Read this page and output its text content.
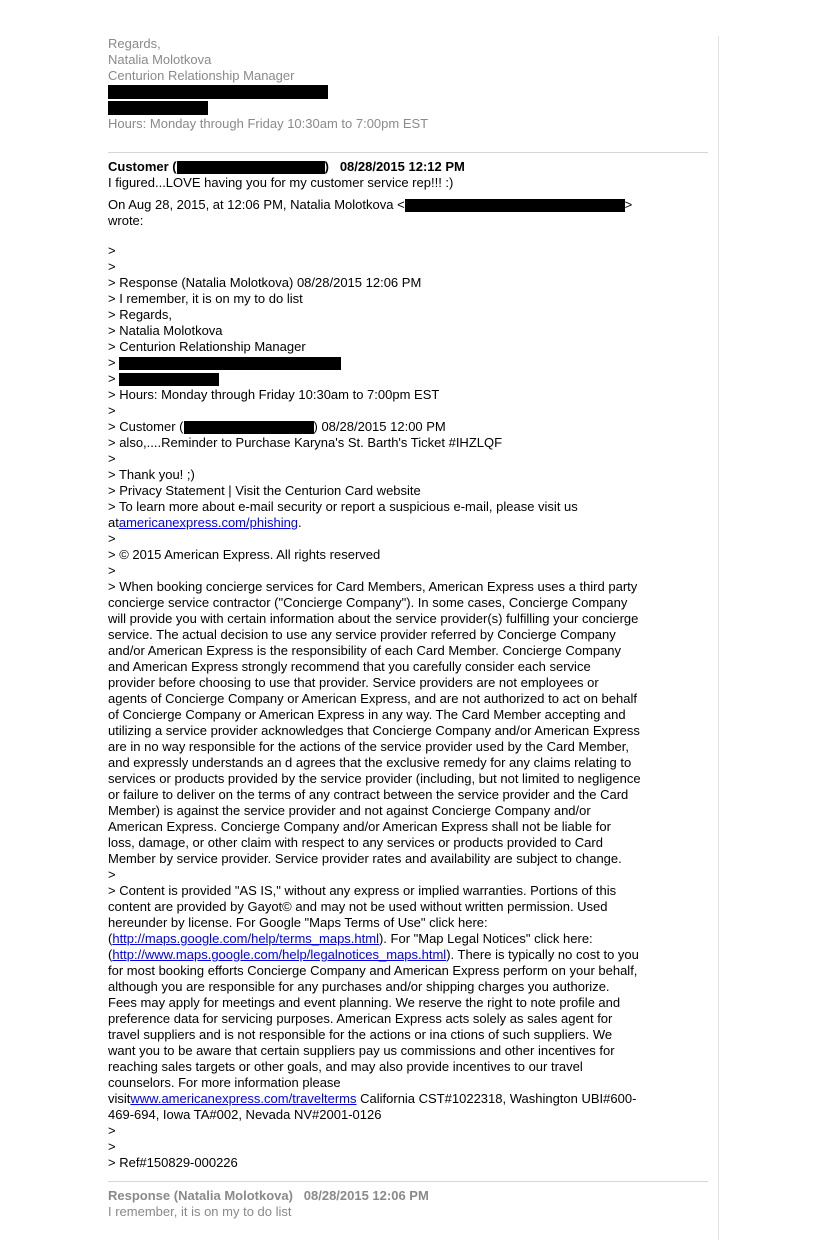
Regards,
Natalia Molotkova
Centurion Relationship Manager
Hours: Monday through Friday 10:30am to 7:00pm EST
Customer (	) 08/28/2015 12:12 PM
I figured...LOVE having you for my customer service rep!!! :)
On Aug 28, 2015, at 12:06 PM, Natalia Molotkova <	>
wrote:
>
>
> Response (Natalia Molotkova) 08/28/2015 12:06 PM
> I remember, it is on my to do list
> Regards,
> Natalia Molotkova
> Centurion Relationship Manager
>
>
> Hours: Monday through Friday 10:30am to 7:00pm EST
>
> Customer (	) 08/28/2015 12:00 PM
> also,....Reminder to Purchase Karyna's St. Barth's Ticket #IHZLQF
>
> Thank you! ;)
> Privacy Statement | Visit the Centurion Card website
> To learn more about e-mail security or report a suspicious e-mail, please visit us
atamericanexpress.com/phishing.
>
> © 2015 American Express. All rights reserved
>
> When booking concierge services for Card Members, American Express uses a third party
concierge service contractor ("Concierge Company"). In some cases, Concierge Company
will provide you with certain information about the service provider(s) fulfilling your concierge
service. The actual decision to use any service provider referred by Concierge Company
and/or American Express is the responsibility of each Card Member. Concierge Company
and American Express strongly recommend that you carefully consider each service
provider before choosing to use that provider. Service providers are not employees or
agents of Concierge Company or American Express, and are not authorized to act on behalf
of Concierge Company or American Express in any way. The Card Member accepting and
utilizing a service provider acknowledges that Concierge Company and/or American Express
are in no way responsible for the actions of the service provider used by the Card Member,
and expressly understands an d agrees that the exclusive remedy for any claims relating to
services or products provided by the service provider (including, but not limited to negligence
or failure to deliver on the terms of any contract between the service provider and the Card
Member) is against the service provider and not against Concierge Company and/or
American Express. Concierge Company and/or American Express shall not be liable for
loss, damage, or other claim with respect to any services or products provided to Card
Member by service provider. Service provider rates and availability are subject to change.
>
> Content is provided "AS IS," without any express or implied warranties. Portions of this
content are provided by Gayot© and may not be used without written permission. Used
hereunder by license. For Google "Maps Terms of Use" click here:
(http://maps.google.com/help/terms_maps.html). For "Map Legal Notices" click here:
(http://www.maps.google.com/help/legalnotices_maps.html). There is typically no cost to you
for most booking efforts Concierge Company and American Express perform on your behalf,
although you are responsible for any purchases and/or shipping charges you authorize.
Fees may apply for meetings and event planning. We reserve the right to note profile and
preference data for servicing purposes. American Express acts solely as sales agent for
travel suppliers and is not responsible for the actions or ina ctions of such suppliers. We
want you to be aware that certain suppliers pay us commissions and other incentives for
reaching sales targets or other goals, and may also provide incentives to our travel
counselors. For more information please
visitwww.americanexpress.com/travelterms California CST#1022318, Washington UBI#600-
469-694, Iowa TA#002, Nevada NV#2001-0126
>
>
> Ref#150829-000226
Response (Natalia Molotkova)   08/28/2015 12:06 PM
I remember, it is on my to do list
